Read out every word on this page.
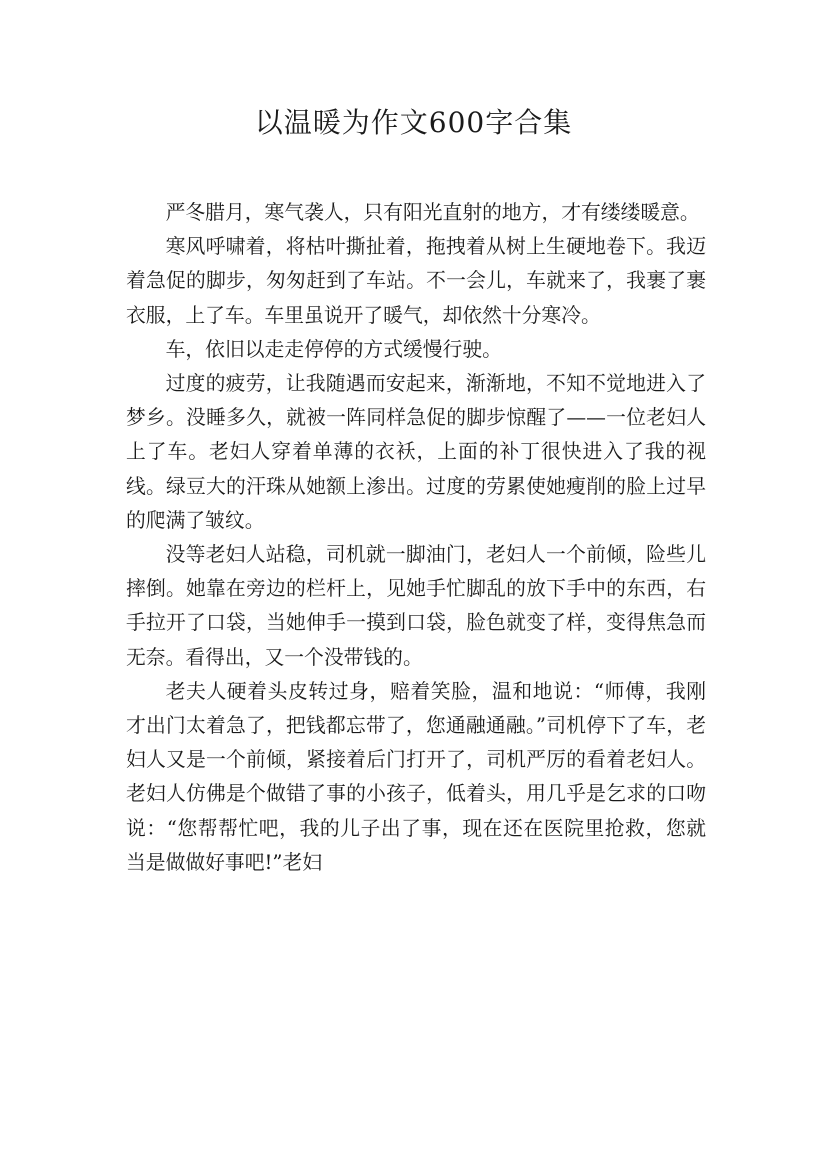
以温暖为作文600字合集

严冬腊月，寒气袭人，只有阳光直射的地方，才有缕缕暖意。

寒风呼啸着，将枯叶撕扯着，拖拽着从树上生硬地卷下。我迈着急促的脚步，匆匆赶到了车站。不一会儿，车就来了，我裹了裹衣服，上了车。车里虽说开了暖气，却依然十分寒冷。

车，依旧以走走停停的方式缓慢行驶。

过度的疲劳，让我随遇而安起来，渐渐地，不知不觉地进入了梦乡。没睡多久，就被一阵同样急促的脚步惊醒了——一位老妇人上了车。老妇人穿着单薄的衣袄，上面的补丁很快进入了我的视线。绿豆大的汗珠从她额上渗出。过度的劳累使她瘦削的脸上过早的爬满了皱纹。

没等老妇人站稳，司机就一脚油门，老妇人一个前倾，险些儿摔倒。她靠在旁边的栏杆上，见她手忙脚乱的放下手中的东西，右手拉开了口袋，当她伸手一摸到口袋，脸色就变了样，变得焦急而无奈。看得出，又一个没带钱的。

老夫人硬着头皮转过身，赔着笑脸，温和地说：“师傅，我刚才出门太着急了，把钱都忘带了，您通融通融。”司机停下了车，老妇人又是一个前倾，紧接着后门打开了，司机严厉的看着老妇人。老妇人仿佛是个做错了事的小孩子，低着头，用几乎是乞求的口吻说：“您帮帮忙吧，我的儿子出了事，现在还在医院里抢救，您就当是做做好事吧!”老妇
